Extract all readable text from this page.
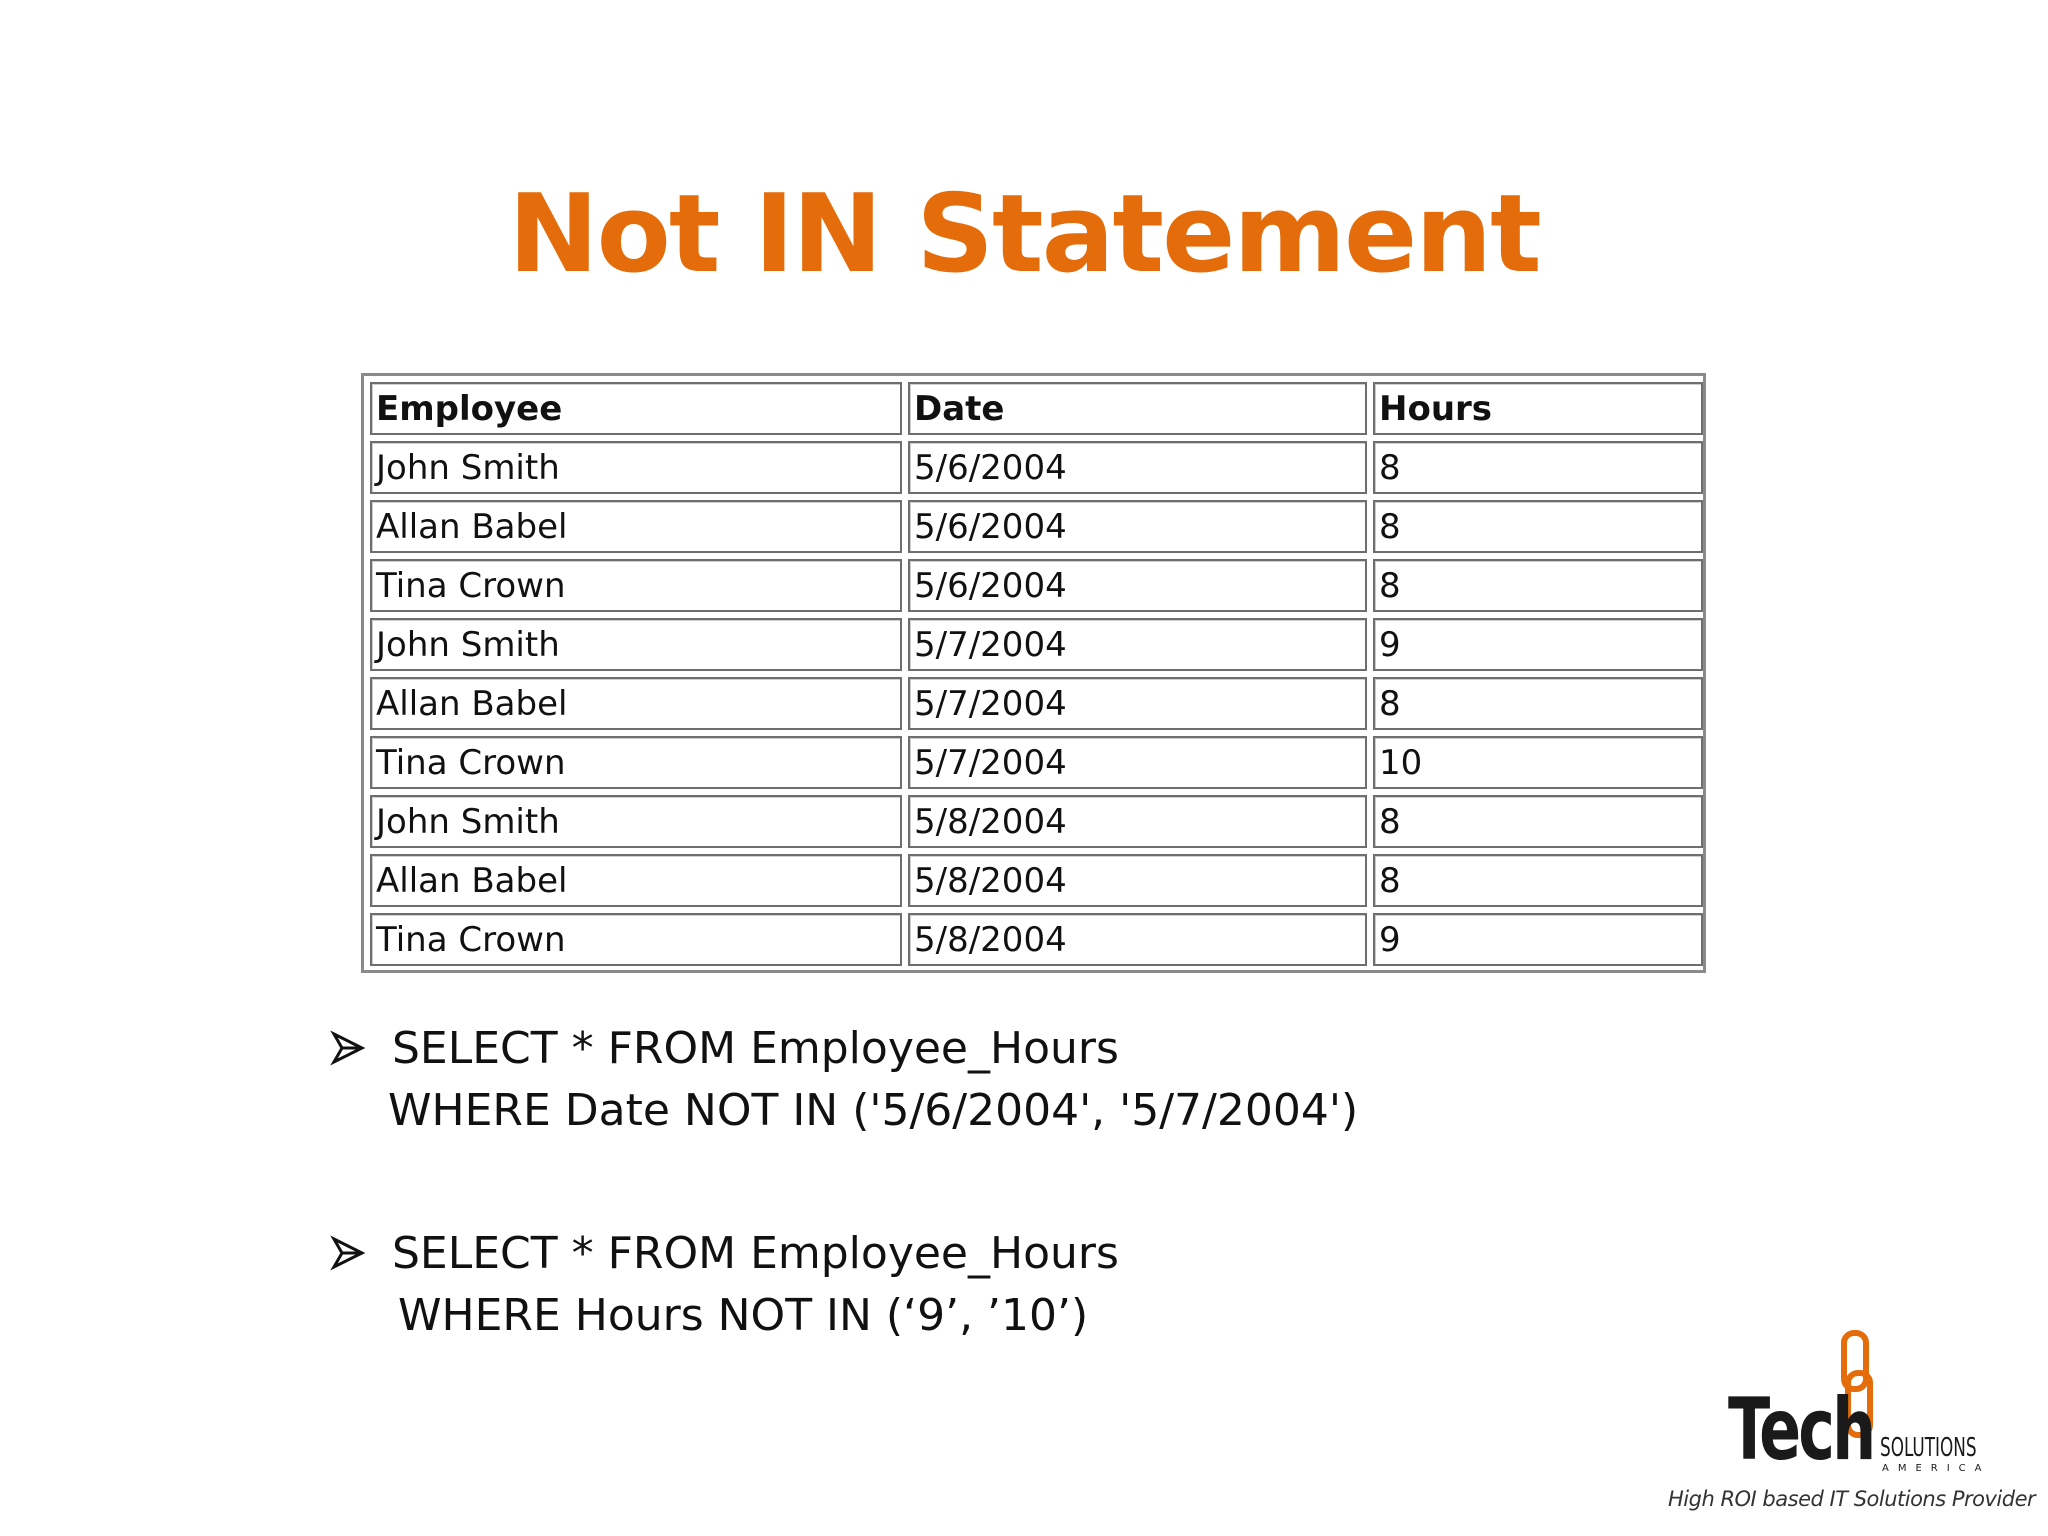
Not IN Statement
Employee	Date	Hours
John Smith	5/6/2004	8
Allan Babel	5/6/2004	8
Tina Crown	5/6/2004	8
John Smith	5/7/2004	9
Allan Babel	5/7/2004	8
Tina Crown	5/7/2004	10
John Smith	5/8/2004	8
Allan Babel	5/8/2004	8
Tina Crown	5/8/2004	9
SELECT * FROM Employee_Hours
WHERE Date NOT IN ('5/6/2004', '5/7/2004')
SELECT * FROM Employee_Hours
WHERE Hours NOT IN (‘9’, ’10’)
Tech SOLUTIONS
AMERICA
High ROI based IT Solutions Provider
